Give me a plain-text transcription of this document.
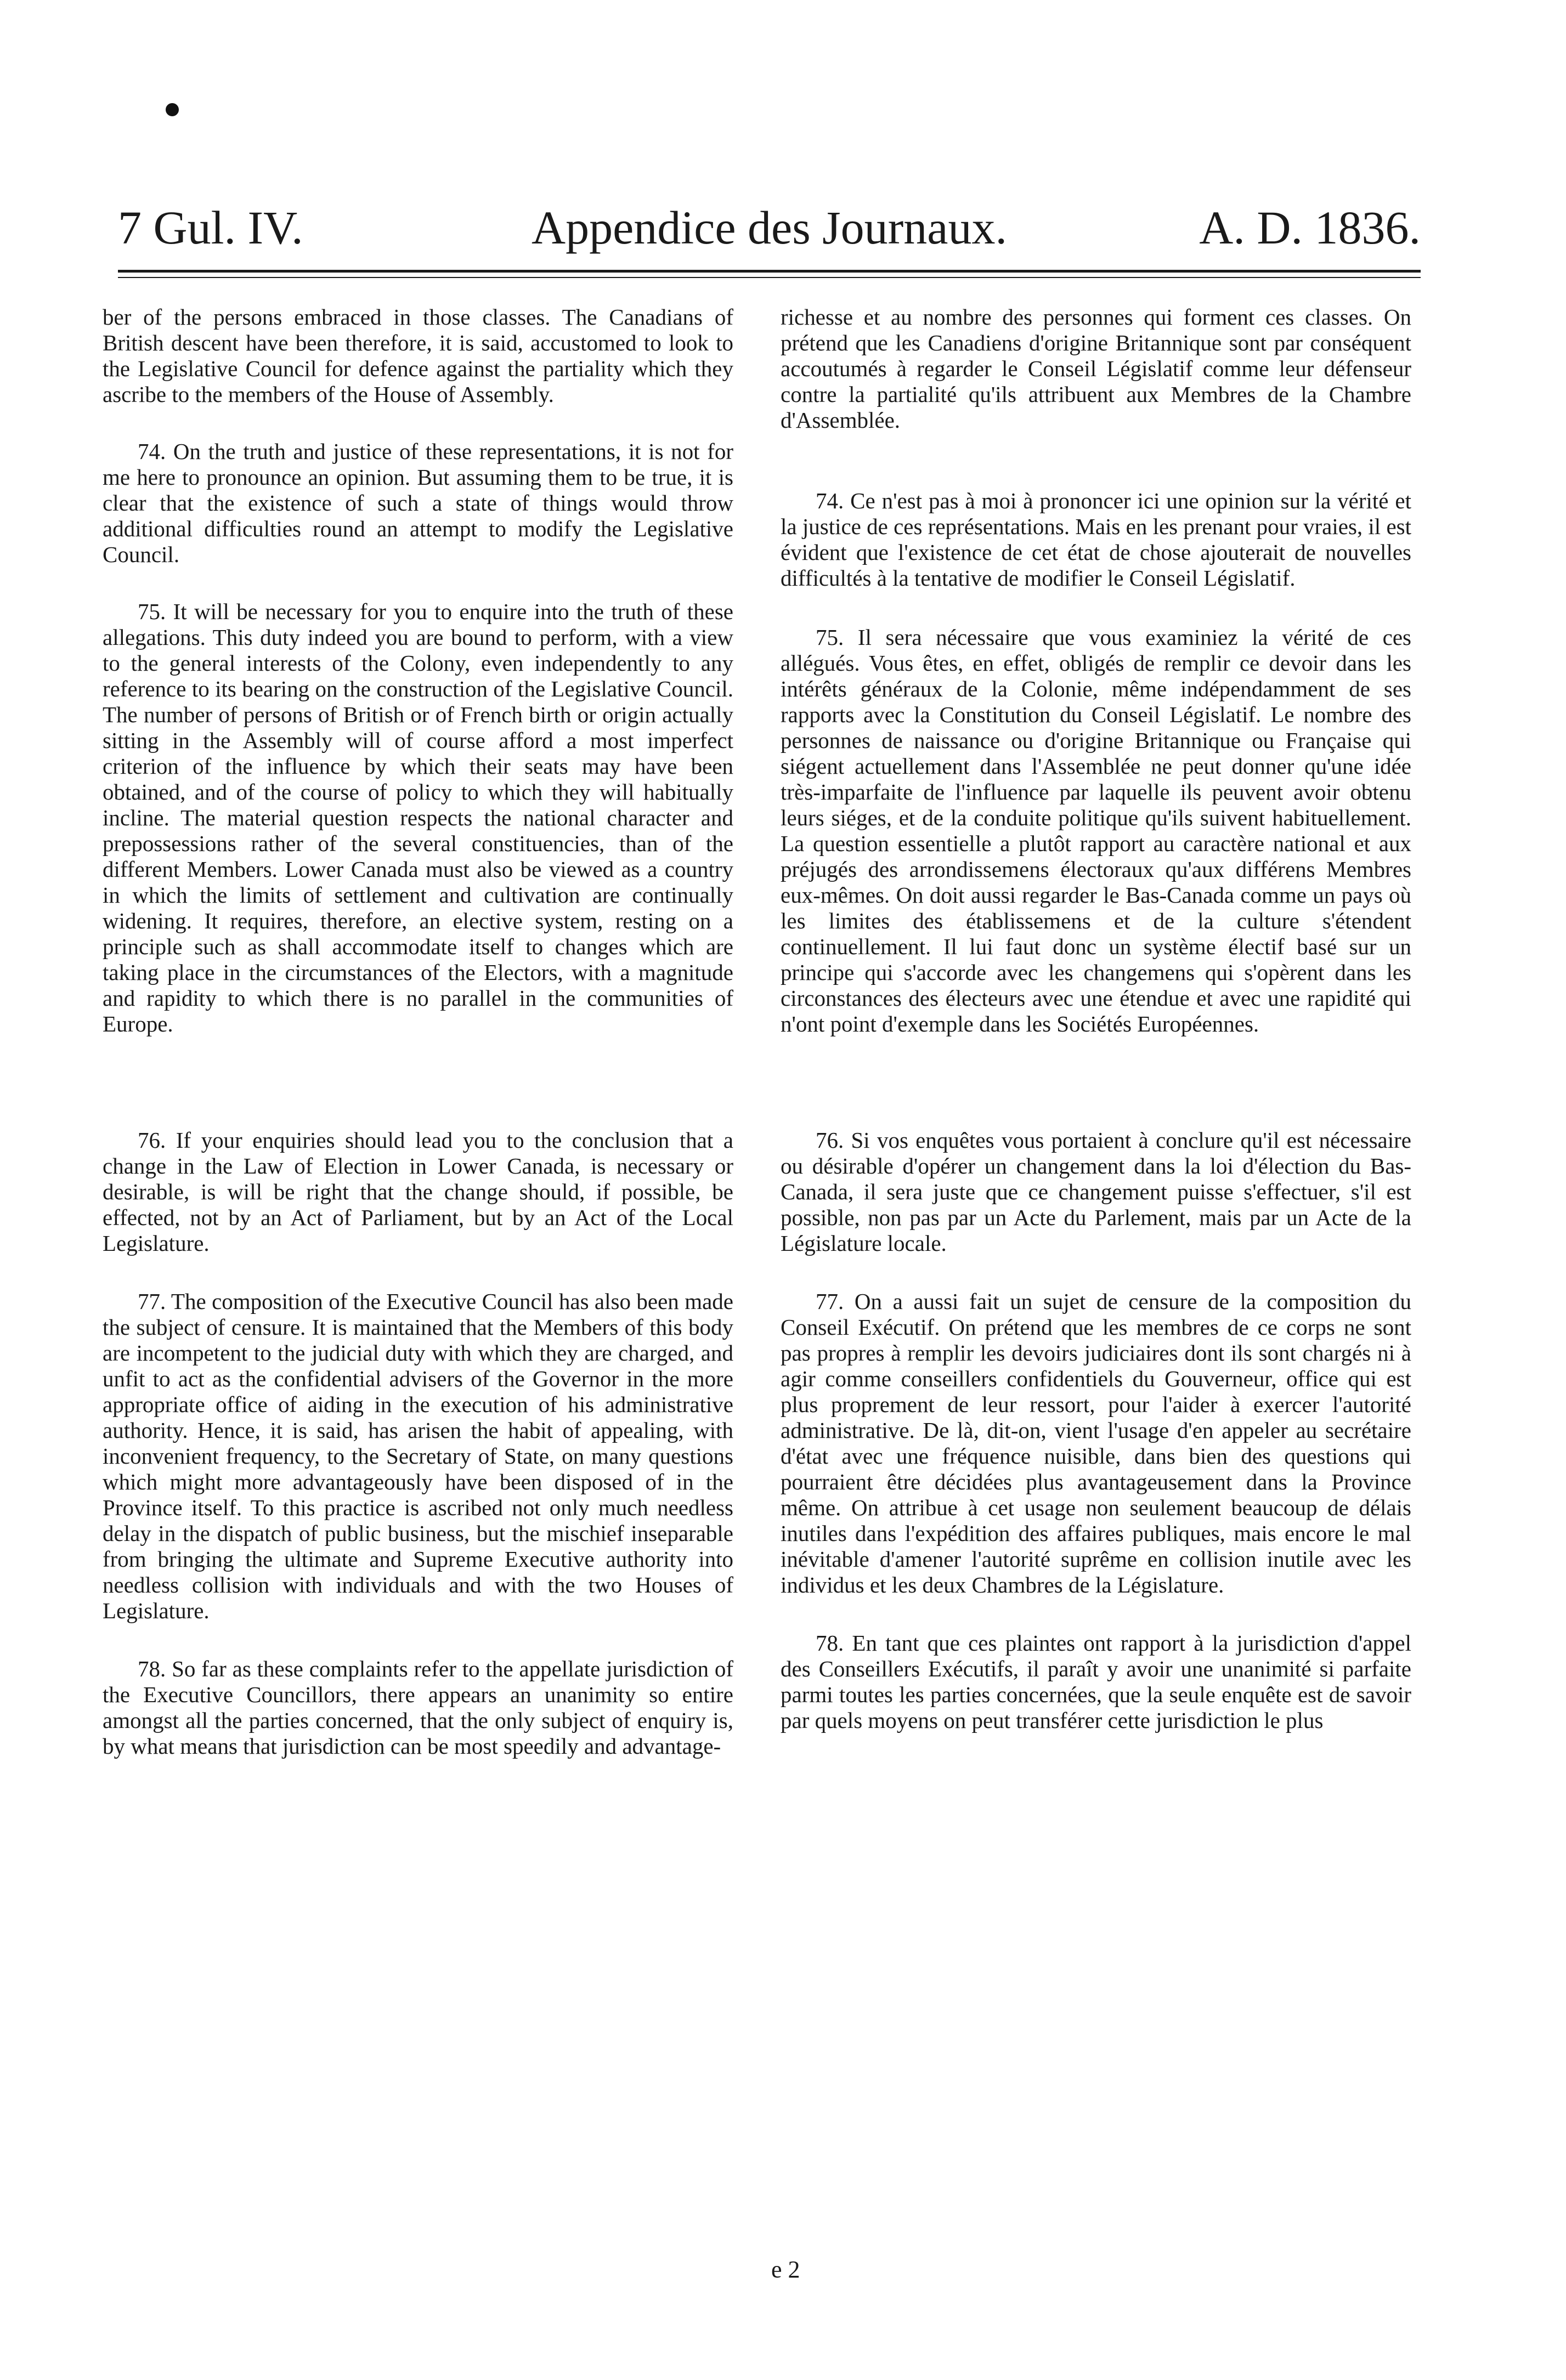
7 Gul. IV.	Appendice des Journaux.	A. D. 1836.

ber of the persons embraced in those classes. The Canadians of British descent have been therefore, it is said, accustomed to look to the Legislative Council for defence against the partiality which they ascribe to the members of the House of Assembly.

74. On the truth and justice of these representations, it is not for me here to pronounce an opinion. But assuming them to be true, it is clear that the existence of such a state of things would throw additional difficulties round an attempt to modify the Legislative Council.

75. It will be necessary for you to enquire into the truth of these allegations. This duty indeed you are bound to perform, with a view to the general interests of the Colony, even independently to any reference to its bearing on the construction of the Legislative Council. The number of persons of British or of French birth or origin actually sitting in the Assembly will of course afford a most imperfect criterion of the influence by which their seats may have been obtained, and of the course of policy to which they will habitually incline. The material question respects the national character and prepossessions rather of the several constituencies, than of the different Members. Lower Canada must also be viewed as a country in which the limits of settlement and cultivation are continually widening. It requires, therefore, an elective system, resting on a principle such as shall accommodate itself to changes which are taking place in the circumstances of the Electors, with a magnitude and rapidity to which there is no parallel in the communities of Europe.

76. If your enquiries should lead you to the conclusion that a change in the Law of Election in Lower Canada, is necessary or desirable, is will be right that the change should, if possible, be effected, not by an Act of Parliament, but by an Act of the Local Legislature.

77. The composition of the Executive Council has also been made the subject of censure. It is maintained that the Members of this body are incompetent to the judicial duty with which they are charged, and unfit to act as the confidential advisers of the Governor in the more appropriate office of aiding in the execution of his administrative authority. Hence, it is said, has arisen the habit of appealing, with inconvenient frequency, to the Secretary of State, on many questions which might more advantageously have been disposed of in the Province itself. To this practice is ascribed not only much needless delay in the dispatch of public business, but the mischief inseparable from bringing the ultimate and Supreme Executive authority into needless collision with individuals and with the two Houses of Legislature.

78. So far as these complaints refer to the appellate jurisdiction of the Executive Councillors, there appears an unanimity so entire amongst all the parties concerned, that the only subject of enquiry is, by what means that jurisdiction can be most speedily and advantage-

richesse et au nombre des personnes qui forment ces classes. On prétend que les Canadiens d'origine Britannique sont par conséquent accoutumés à regarder le Conseil Législatif comme leur défenseur contre la partialité qu'ils attribuent aux Membres de la Chambre d'Assemblée.

74. Ce n'est pas à moi à prononcer ici une opinion sur la vérité et la justice de ces représentations. Mais en les prenant pour vraies, il est évident que l'existence de cet état de chose ajouterait de nouvelles difficultés à la tentative de modifier le Conseil Législatif.

75. Il sera nécessaire que vous examiniez la vérité de ces allégués. Vous êtes, en effet, obligés de remplir ce devoir dans les intérêts généraux de la Colonie, même indépendamment de ses rapports avec la Constitution du Conseil Législatif. Le nombre des personnes de naissance ou d'origine Britannique ou Française qui siégent actuellement dans l'Assemblée ne peut donner qu'une idée très-imparfaite de l'influence par laquelle ils peuvent avoir obtenu leurs siéges, et de la conduite politique qu'ils suivent habituellement. La question essentielle a plutôt rapport au caractère national et aux préjugés des arrondissemens électoraux qu'aux différens Membres eux-mêmes. On doit aussi regarder le Bas-Canada comme un pays où les limites des établissemens et de la culture s'étendent continuellement. Il lui faut donc un système électif basé sur un principe qui s'accorde avec les changemens qui s'opèrent dans les circonstances des électeurs avec une étendue et avec une rapidité qui n'ont point d'exemple dans les Sociétés Européennes.

76. Si vos enquêtes vous portaient à conclure qu'il est nécessaire ou désirable d'opérer un changement dans la loi d'élection du Bas-Canada, il sera juste que ce changement puisse s'effectuer, s'il est possible, non pas par un Acte du Parlement, mais par un Acte de la Législature locale.

77. On a aussi fait un sujet de censure de la composition du Conseil Exécutif. On prétend que les membres de ce corps ne sont pas propres à remplir les devoirs judiciaires dont ils sont chargés ni à agir comme conseillers confidentiels du Gouverneur, office qui est plus proprement de leur ressort, pour l'aider à exercer l'autorité administrative. De là, dit-on, vient l'usage d'en appeler au secrétaire d'état avec une fréquence nuisible, dans bien des questions qui pourraient être décidées plus avantageusement dans la Province même. On attribue à cet usage non seulement beaucoup de délais inutiles dans l'expédition des affaires publiques, mais encore le mal inévitable d'amener l'autorité suprême en collision inutile avec les individus et les deux Chambres de la Législature.

78. En tant que ces plaintes ont rapport à la jurisdiction d'appel des Conseillers Exécutifs, il paraît y avoir une unanimité si parfaite parmi toutes les parties concernées, que la seule enquête est de savoir par quels moyens on peut transférer cette jurisdiction le plus

e 2
